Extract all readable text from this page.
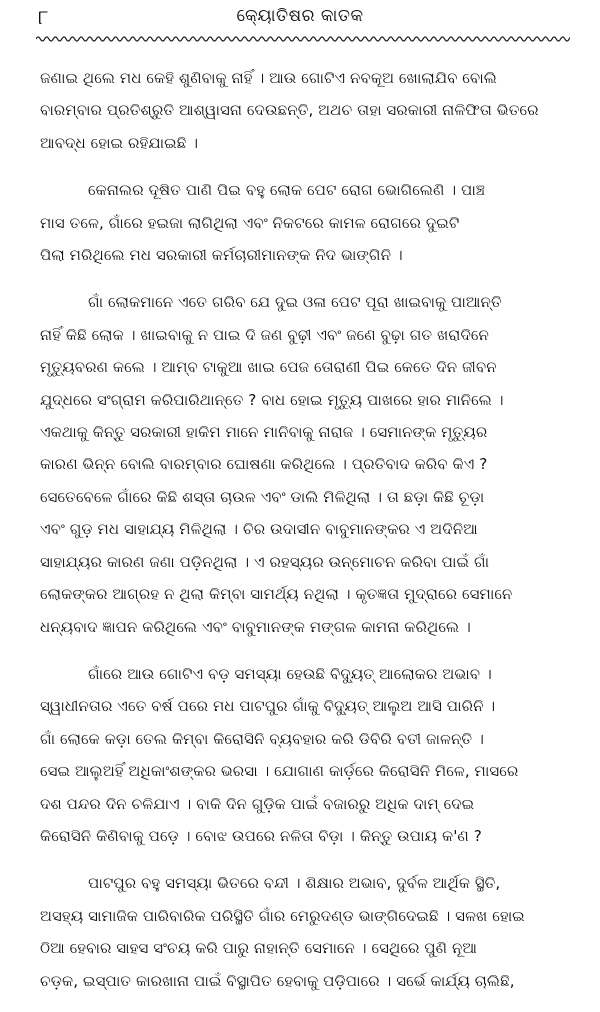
୮	କ୍ୟୋତିଷର କାତକ

ଜଣାଇ ଥିଲେ ମଧ କେହି ଶୁଣିବାକୁ ନାହିଁ । ଆଉ ଗୋଟିଏ ନବକୂଅ ଖୋଲାଯିବ ବୋଲି
ବାରମ୍ବାର ପ୍ରତିଶ୍ରୁତି ଆଶ୍ୱାସନା ଦେଉଛନ୍ତି, ଅଥଚ ତାହା ସରକାରୀ ନାଳିଫିତା ଭିତରେ
ଆବଦ୍ଧ ହୋଇ ରହିଯାଇଛି ।

କେନାଲର ଦୂଷିତ ପାଣି ପିଇ ବହୁ ଲୋକ ପେଟ ରୋଗ ଭୋଗିଲେଣି । ପାଞ୍ଚ
ମାସ ତଳେ, ଗାଁରେ ହଇଜା ଲାଗିଥିଲା ଏବଂ ନିକଟରେ କାମଳ ରୋଗରେ ଦୁଇଟି
ପିଲା ମରିଥିଲେ ମଧ ସରକାରୀ କର୍ମଚାରୀମାନଙ୍କ ନିଦ ଭାଙ୍ଗିନି ।

ଗାଁ ଲୋକମାନେ ଏତେ ଗରିବ ଯେ ଦୁଇ ଓଳା ପେଟ ପୂରା ଖାଇବାକୁ ପାଆନ୍ତି
ନାହିଁ କିଛି ଲୋକ । ଖାଇବାକୁ ନ ପାଇ ଦି ଜଣ ବୁଢ଼ୀ ଏବଂ ଜଣେ ବୁଢ଼ା ଗତ ଖରାଦିନେ
ମୃତ୍ୟୁବରଣ କଲେ । ଆମ୍ବ ଟାକୁଆ ଖାଇ ପେଜ ତୋରାଣୀ ପିଇ କେତେ ଦିନ ଜୀବନ
ଯୁଦ୍ଧରେ ସଂଗ୍ରାମ କରିପାରିଥାନ୍ତେ ? ବାଧ ହୋଇ ମୃତ୍ୟୁ ପାଖରେ ହାର ମାନିଲେ ।
ଏକଥାକୁ କିନ୍ତୁ ସରକାରୀ ହାକିମ ମାନେ ମାନିବାକୁ ନାରାଜ । ସେମାନଙ୍କ ମୃତ୍ୟୁର
କାରଣ ଭିନ୍ନ ବୋଲି ବାରମ୍ବାର ଘୋଷଣା କରିଥିଲେ । ପ୍ରତିବାଦ କରିବ କିଏ ?
ସେତେବେଳେ ଗାଁରେ କିଛି ଶସ୍ତା ଚାଉଳ ଏବଂ ଡାଲି ମିଳିଥିଲା । ତା ଛଡ଼ା କିଛି ଚୂଡ଼ା
ଏବଂ ଗୁଡ଼ ମଧ ସାହାଯ୍ୟ ମିଳିଥିଲା । ଚିର ଉଦାସୀନ ବାବୁମାନଙ୍କର ଏ ଅଦିନିଆ
ସାହାଯ୍ୟର କାରଣ ଜଣା ପଡ଼ିନଥିଲା । ଏ ରହସ୍ୟର ଉନ୍ମୋଚନ କରିବା ପାଇଁ ଗାଁ
ଲୋକଙ୍କର ଆଗ୍ରହ ନ ଥିଲା କିମ୍ବା ସାମର୍ଥ୍ୟ ନଥିଲା । କୃତଜ୍ଞତା ମୁଦ୍ରାରେ ସେମାନେ
ଧନ୍ୟବାଦ ଜ୍ଞାପନ କରିଥିଲେ ଏବଂ ବାବୁମାନଙ୍କ ମଙ୍ଗଳ କାମନା କରିଥିଲେ ।

ଗାଁରେ ଆଉ ଗୋଟିଏ ବଡ଼ ସମସ୍ୟା ହେଉଛି ବିଦ୍ୟୁତ୍ ଆଲୋକର ଅଭାବ ।
ସ୍ୱାଧୀନତାର ଏତେ ବର୍ଷ ପରେ ମଧ ପାଟପୁର ଗାଁକୁ ବିଦ୍ୟୁତ୍ ଆଲୁଅ ଆସି ପାରିନି ।
ଗାଁ ଲୋକେ କଡ଼ା ତେଲ କିମ୍ବା କିରୋସିନି ବ୍ୟବହାର କରି ଡିବିରି ବତୀ ଜାଳନ୍ତି ।
ସେଇ ଆଲୁଅହିଁ ଅଧିକାଂଶଙ୍କର ଭରସା । ଯୋଗାଣ କାର୍ଡ଼ରେ କିରୋସିନି ମିଳେ, ମାସରେ
ଦଶ ପନ୍ଦର ଦିନ ଚଳିଯାଏ । ବାକି ଦିନ ଗୁଡ଼ିକ ପାଇଁ ବଜାରରୁ ଅଧିକ ଦାମ୍ ଦେଇ
କିରୋସିନି କିଣିବାକୁ ପଡ଼େ । ବୋଝ ଉପରେ ନଳିତା ବିଡ଼ା । କିନ୍ତୁ ଉପାୟ କ'ଣ ?

ପାଟପୁର ବହୁ ସମସ୍ୟା ଭିତରେ ବନ୍ଦୀ । ଶିକ୍ଷାର ଅଭାବ, ଦୁର୍ବଳ ଆର୍ଥିକ ସ୍ଥିତି,
ଅସହ୍ୟ ସାମାଜିକ ପାରିବାରିକ ପରିସ୍ଥିତି ଗାଁର ମେରୁଦଣ୍ଡ ଭାଙ୍ଗିଦେଇଛି । ସଳଖ ହୋଇ
ଠିଆ ହେବାର ସାହସ ସଂଚୟ କରି ପାରୁ ନାହାନ୍ତି ସେମାନେ । ସେଥିରେ ପୁଣି ନୂଆ
ଚଡ଼କ, ଇସ୍ପାତ କାରଖାନା ପାଇଁ ବିସ୍ଥାପିତ ହେବାକୁ ପଡ଼ିପାରେ । ସର୍ଭେ କାର୍ଯ୍ୟ ଚାଲିଛି,
